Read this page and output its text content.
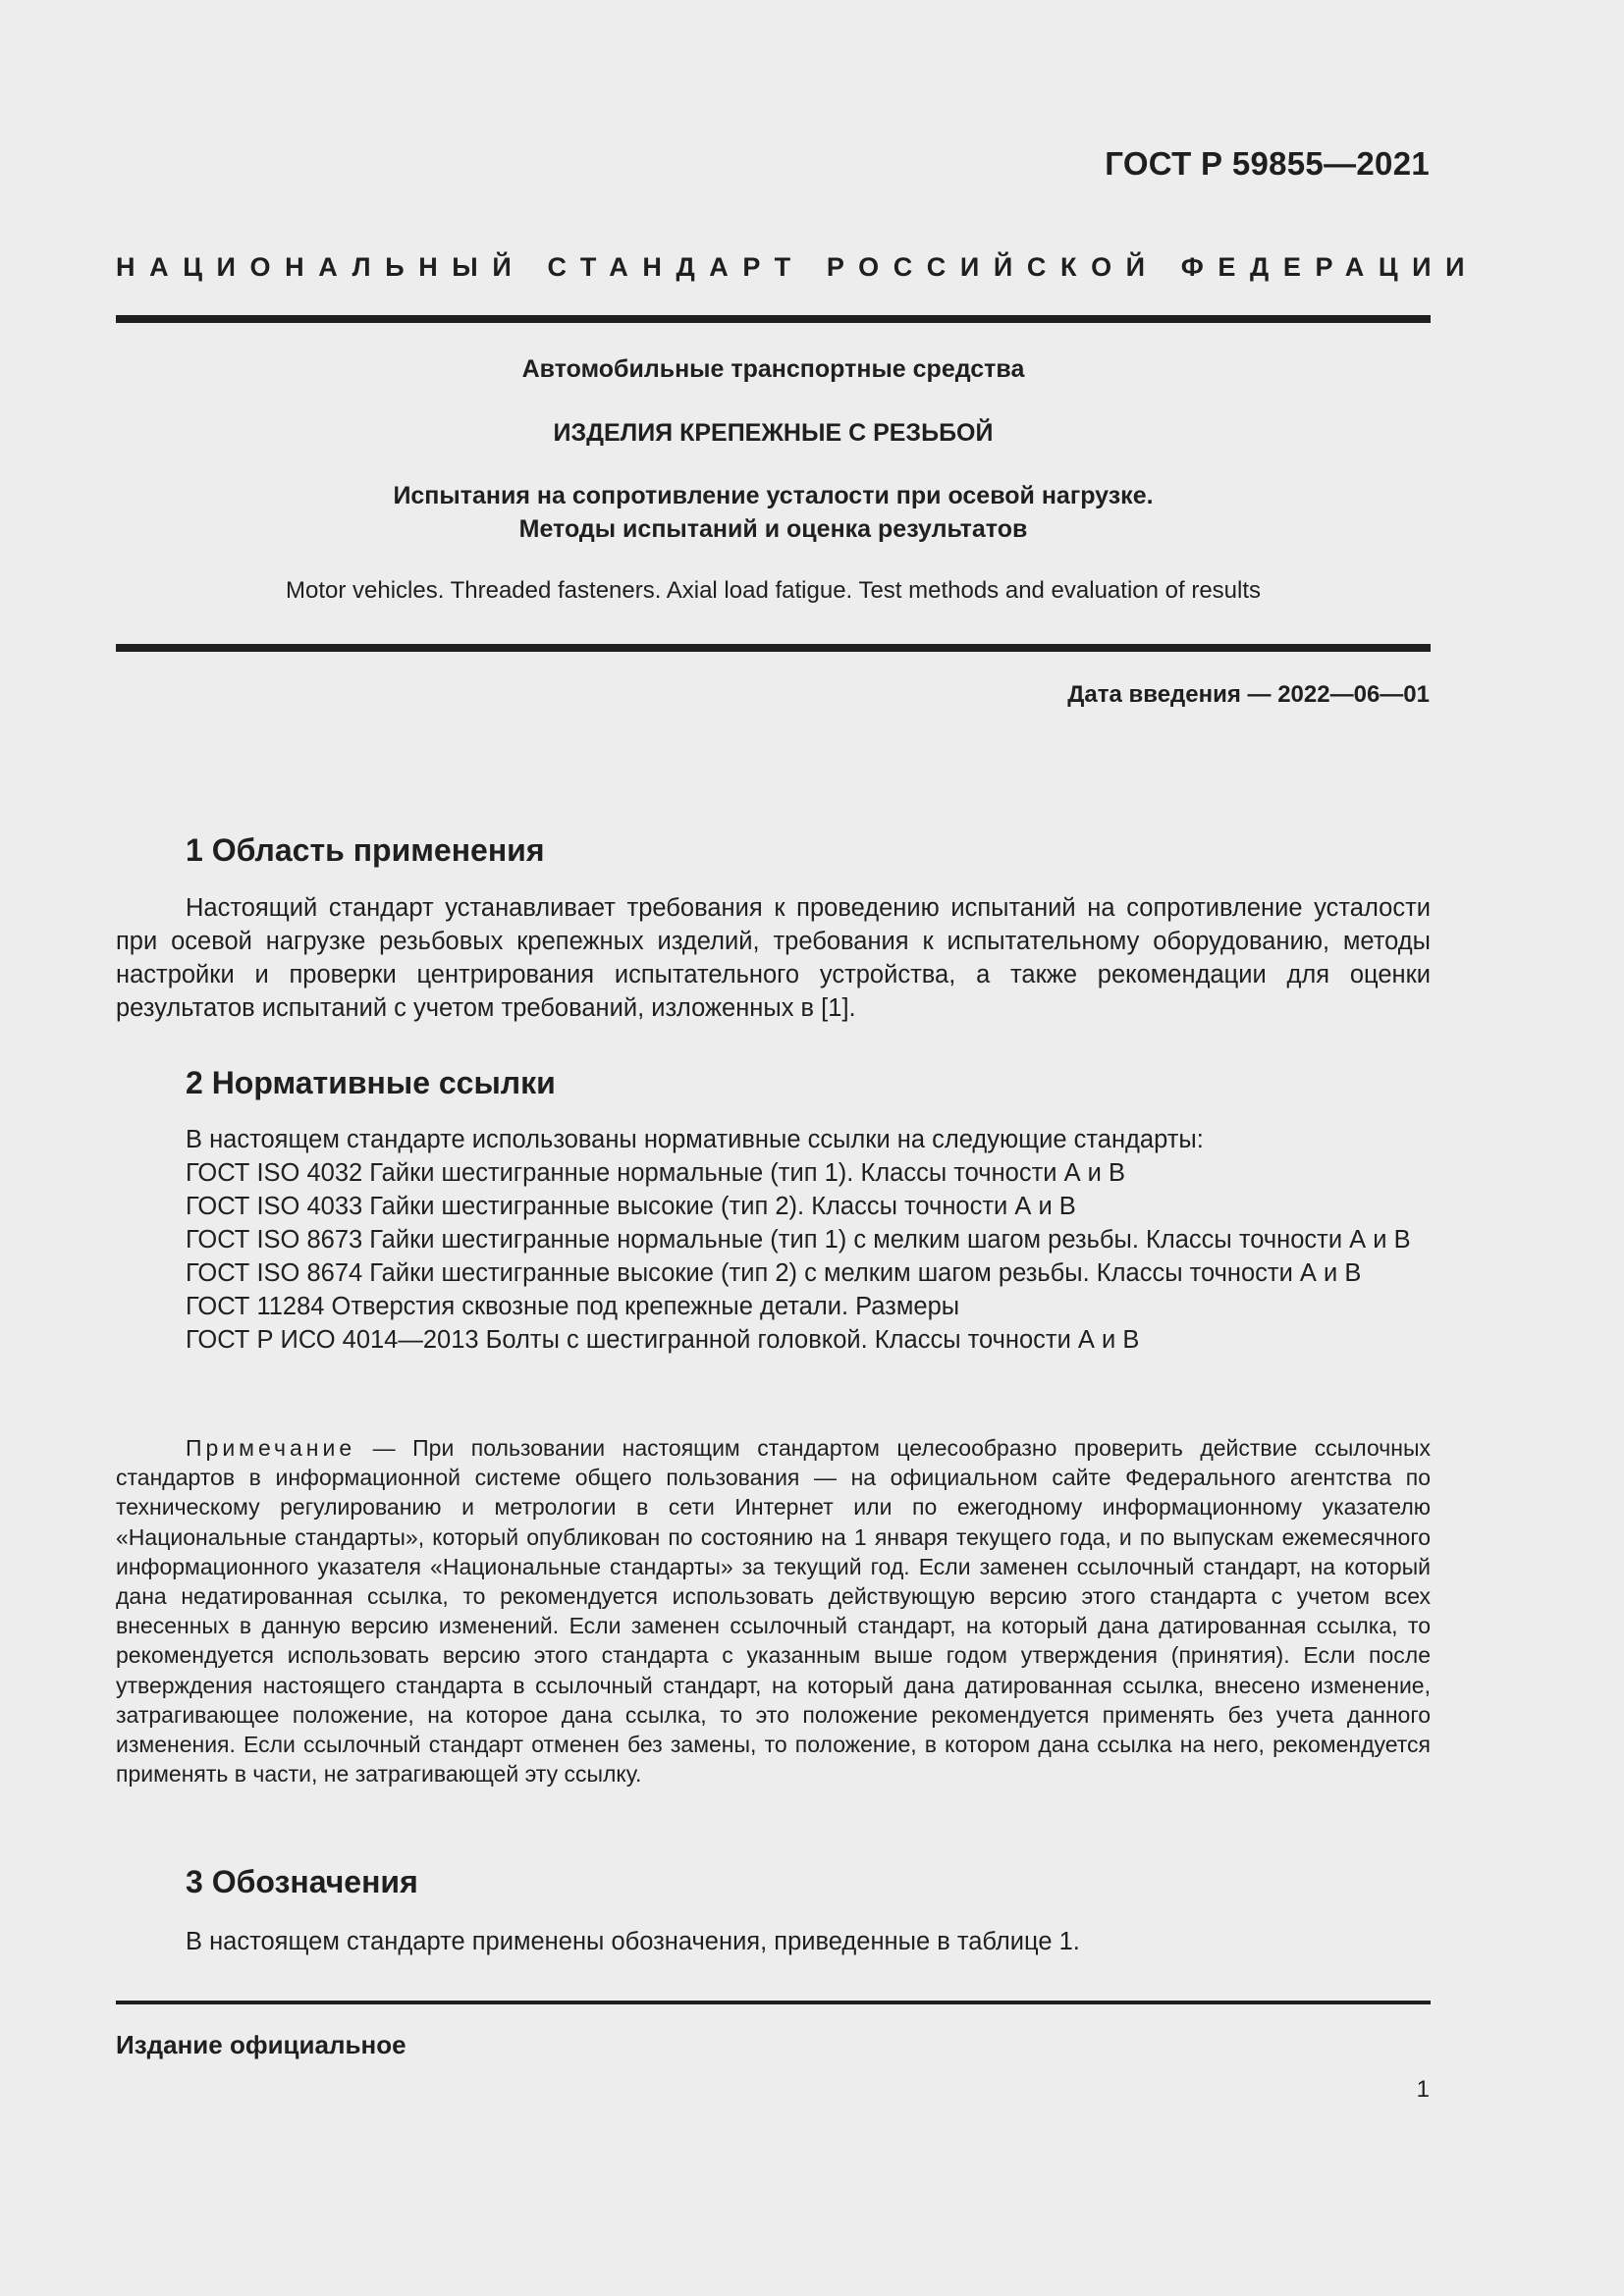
ГОСТ Р 59855—2021
НАЦИОНАЛЬНЫЙ СТАНДАРТ РОССИЙСКОЙ ФЕДЕРАЦИИ
Автомобильные транспортные средства
ИЗДЕЛИЯ КРЕПЕЖНЫЕ С РЕЗЬБОЙ
Испытания на сопротивление усталости при осевой нагрузке.
Методы испытаний и оценка результатов
Motor vehicles. Threaded fasteners. Axial load fatigue. Test methods and evaluation of results
Дата введения — 2022—06—01
1 Область применения

Настоящий стандарт устанавливает требования к проведению испытаний на сопротивление усталости при осевой нагрузке резьбовых крепежных изделий, требования к испытательному оборудованию, методы настройки и проверки центрирования испытательного устройства, а также рекомендации для оценки результатов испытаний с учетом требований, изложенных в [1].

2 Нормативные ссылки

В настоящем стандарте использованы нормативные ссылки на следующие стандарты:

ГОСТ ISO 4032 Гайки шестигранные нормальные (тип 1). Классы точности А и В

ГОСТ ISO 4033 Гайки шестигранные высокие (тип 2). Классы точности А и В

ГОСТ ISO 8673 Гайки шестигранные нормальные (тип 1) с мелким шагом резьбы. Классы точности А и В

ГОСТ ISO 8674 Гайки шестигранные высокие (тип 2) с мелким шагом резьбы. Классы точности А и В

ГОСТ 11284 Отверстия сквозные под крепежные детали. Размеры

ГОСТ Р ИСО 4014—2013 Болты с шестигранной головкой. Классы точности А и В

Примечание — При пользовании настоящим стандартом целесообразно проверить действие ссылочных стандартов в информационной системе общего пользования — на официальном сайте Федерального агентства по техническому регулированию и метрологии в сети Интернет или по ежегодному информационному указателю «Национальные стандарты», который опубликован по состоянию на 1 января текущего года, и по выпускам ежемесячного информационного указателя «Национальные стандарты» за текущий год. Если заменен ссылочный стандарт, на который дана недатированная ссылка, то рекомендуется использовать действующую версию этого стандарта с учетом всех внесенных в данную версию изменений. Если заменен ссылочный стандарт, на который дана датированная ссылка, то рекомендуется использовать версию этого стандарта с указанным выше годом утверждения (принятия). Если после утверждения настоящего стандарта в ссылочный стандарт, на который дана датированная ссылка, внесено изменение, затрагивающее положение, на которое дана ссылка, то это положение рекомендуется применять без учета данного изменения. Если ссылочный стандарт отменен без замены, то положение, в котором дана ссылка на него, рекомендуется применять в части, не затрагивающей эту ссылку.

3 Обозначения

В настоящем стандарте применены обозначения, приведенные в таблице 1.

Издание официальное
1
